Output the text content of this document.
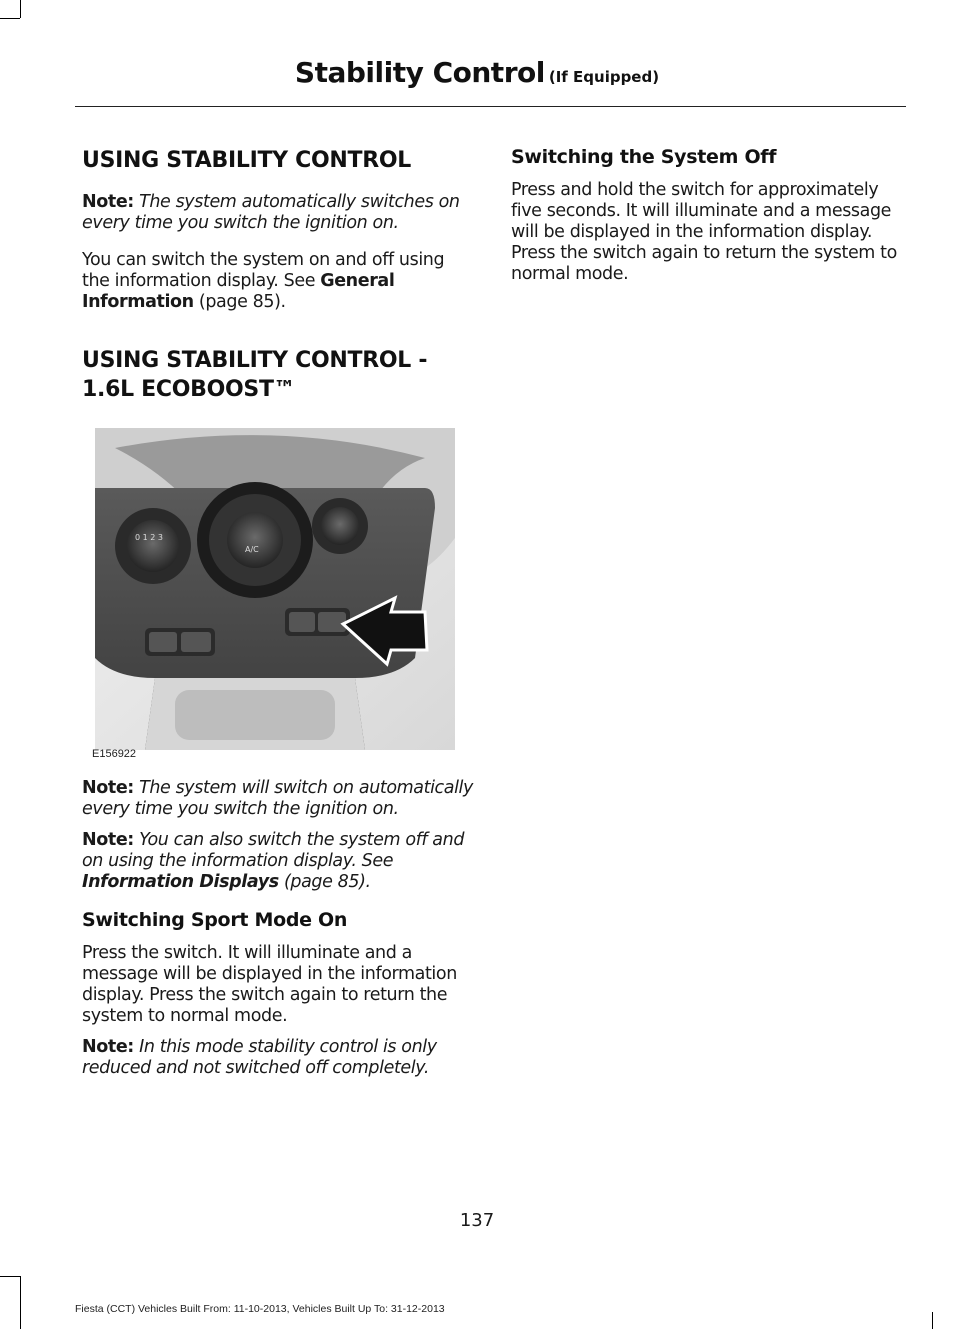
Stability Control (If Equipped)
USING STABILITY CONTROL

Note: The system automatically switches on every time you switch the ignition on.

You can switch the system on and off using the information display. See General Information (page 85).

USING STABILITY CONTROL -
1.6L ECOBOOST™
0 1 2 3
A/C
E156922

Note: The system will switch on automatically every time you switch the ignition on.

Note: You can also switch the system off and on using the information display. See Information Displays (page 85).

Switching Sport Mode On

Press the switch. It will illuminate and a message will be displayed in the information display. Press the switch again to return the system to normal mode.

Note: In this mode stability control is only reduced and not switched off completely.

Switching the System Off

Press and hold the switch for approximately five seconds. It will illuminate and a message will be displayed in the information display. Press the switch again to return the system to normal mode.

137
Fiesta (CCT) Vehicles Built From: 11-10-2013, Vehicles Built Up To: 31-12-2013
